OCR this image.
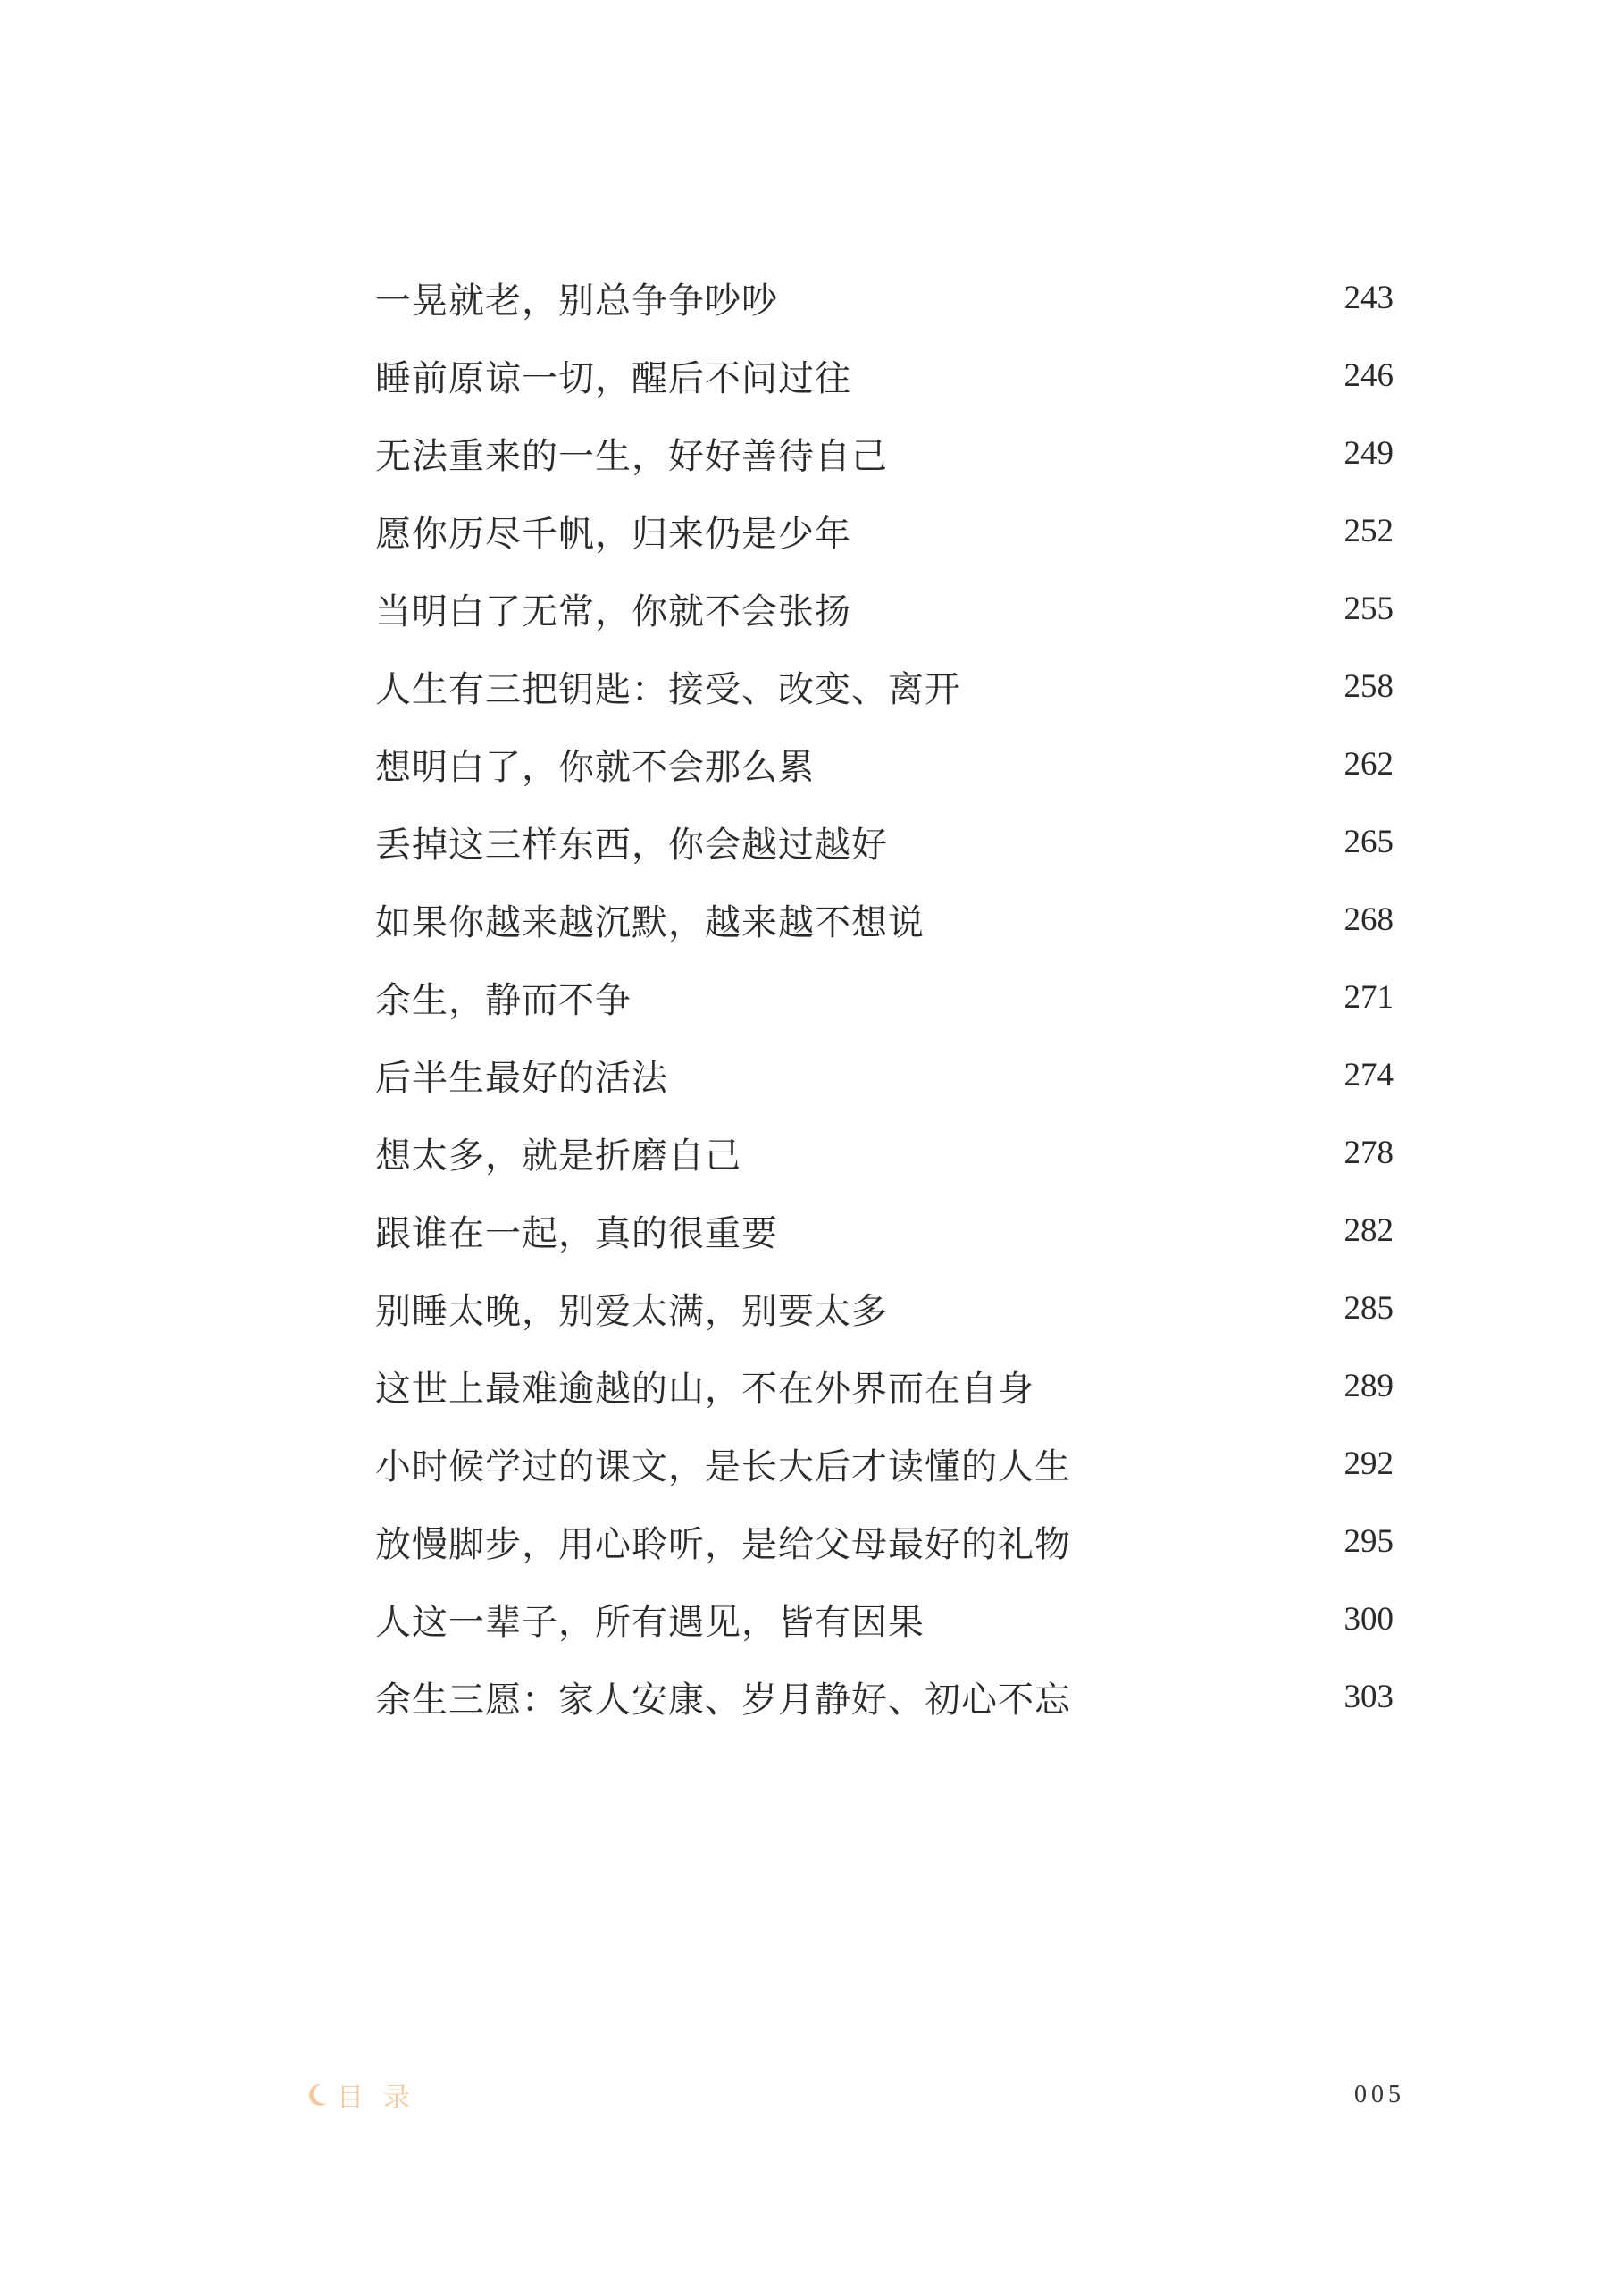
一晃就老，别总争争吵吵	243
睡前原谅一切，醒后不问过往	246
无法重来的一生，好好善待自己	249
愿你历尽千帆，归来仍是少年	252
当明白了无常，你就不会张扬	255
人生有三把钥匙：接受、改变、离开	258
想明白了，你就不会那么累	262
丢掉这三样东西，你会越过越好	265
如果你越来越沉默，越来越不想说	268
余生，静而不争	271
后半生最好的活法	274
想太多，就是折磨自己	278
跟谁在一起，真的很重要	282
别睡太晚，别爱太满，别要太多	285
这世上最难逾越的山，不在外界而在自身	289
小时候学过的课文，是长大后才读懂的人生	292
放慢脚步，用心聆听，是给父母最好的礼物	295
人这一辈子，所有遇见，皆有因果	300
余生三愿：家人安康、岁月静好、初心不忘	303
目录	005
